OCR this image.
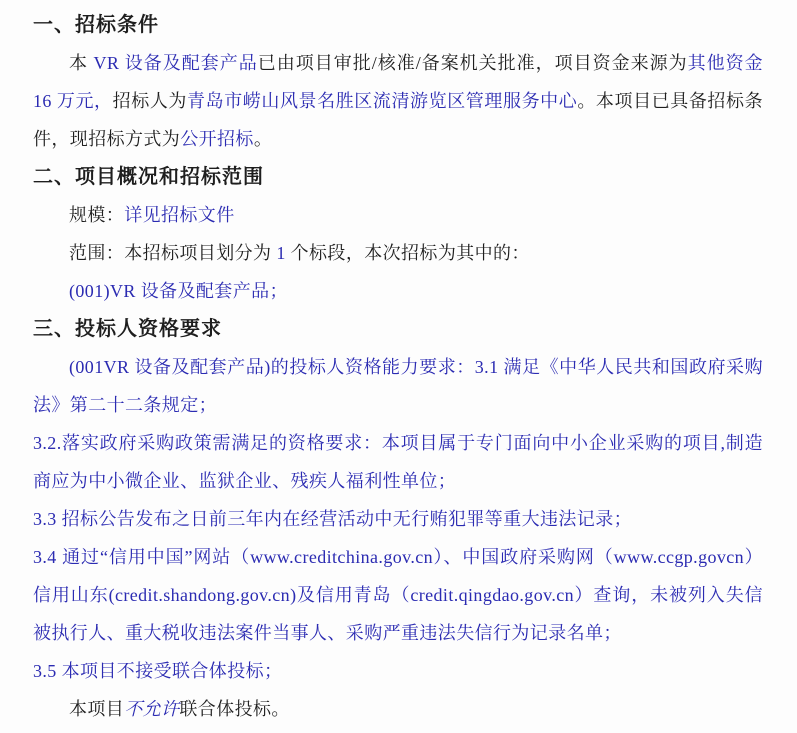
一、招标条件

本 VR 设备及配套产品已由项目审批/核准/备案机关批准，项目资金来源为其他资金 16 万元，招标人为青岛市崂山风景名胜区流清游览区管理服务中心。本项目已具备招标条件，现招标方式为公开招标。

二、项目概况和招标范围

规模：详见招标文件

范围：本招标项目划分为 1 个标段，本次招标为其中的：

(001)VR 设备及配套产品；

三、投标人资格要求

(001VR 设备及配套产品)的投标人资格能力要求：3.1 满足《中华人民共和国政府采购法》第二十二条规定；

3.2.落实政府采购政策需满足的资格要求：本项目属于专门面向中小企业采购的项目,制造商应为中小微企业、监狱企业、残疾人福利性单位；

3.3 招标公告发布之日前三年内在经营活动中无行贿犯罪等重大违法记录；

3.4 通过“信用中国”网站（www.creditchina.gov.cn）、中国政府采购网（www.ccgp.govcn）信用山东(credit.shandong.gov.cn)及信用青岛（credit.qingdao.gov.cn）查询，未被列入失信被执行人、重大税收违法案件当事人、采购严重违法失信行为记录名单；

3.5 本项目不接受联合体投标；

本项目不允许联合体投标。
